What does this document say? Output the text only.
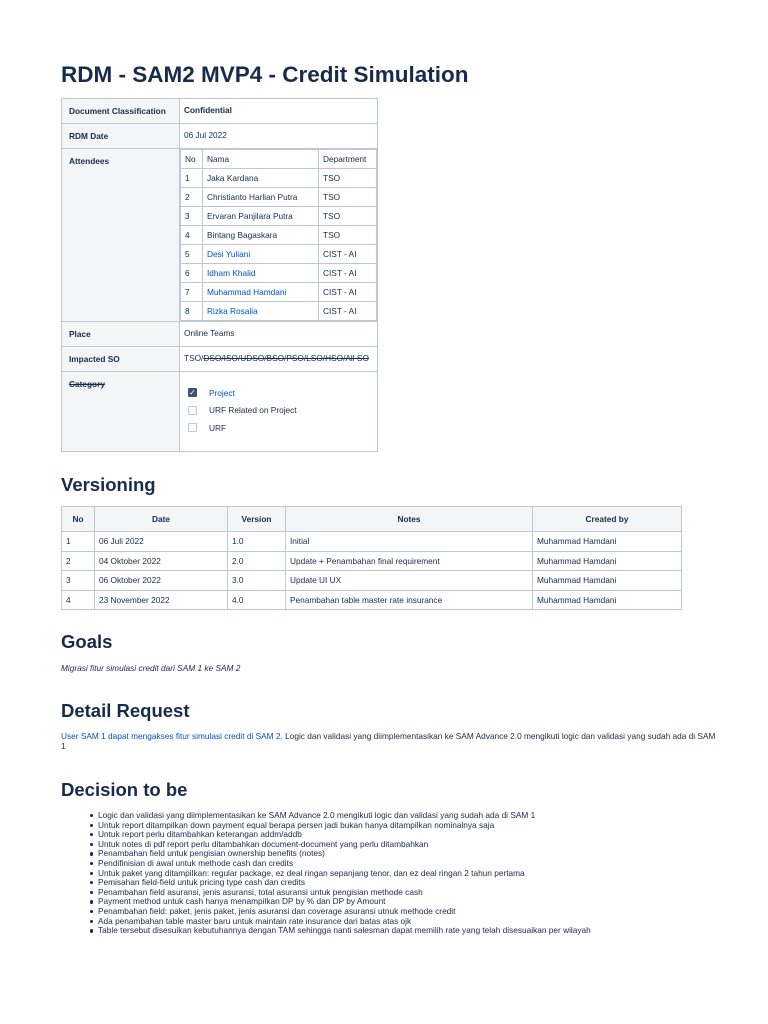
RDM - SAM2 MVP4 - Credit Simulation
Document Classification	Confidential
RDM Date	06 Jul 2022
Attendees		No	Nama	Department
1	Jaka Kardana	TSO
2	Christianto Harlian Putra	TSO
3	Ervaran Panjilara Putra	TSO
4	Bintang Bagaskara	TSO
5	Desi Yuliani	CIST - AI
6	Idham Khalid	CIST - AI
7	Muhammad Hamdani	CIST - AI
8	Rizka Rosalia	CIST - AI

Place	Online Teams
Impacted SO	TSO/DSO/ISO/UDSO/BSO/PSO/LSO/HSO/All SO
Category	
✓ Project
URF Related on Project
URF
Versioning
No	Date	Version	Notes	Created by
1	06 Juli 2022	1.0	Initial	Muhammad Hamdani
2	04 Oktober 2022	2.0	Update + Penambahan final requirement	Muhammad Hamdani
3	06 Oktober 2022	3.0	Update UI UX	Muhammad Hamdani
4	23 November 2022	4.0	Penambahan table master rate insurance	Muhammad Hamdani
Goals

Migrasi fitur simulasi credit dari SAM 1 ke SAM 2

Detail Request

User SAM 1 dapat mengakses fitur simulasi credit di SAM 2. Logic dan validasi yang diimplementasikan ke SAM Advance 2.0 mengikuti logic dan validasi yang sudah ada di SAM 1

Decision to be
Logic dan validasi yang diimplementasikan ke SAM Advance 2.0 mengikuti logic dan validasi yang sudah ada di SAM 1
Untuk report ditampilkan down payment equal berapa persen jadi bukan hanya ditampilkan nominalnya saja
Untuk report perlu ditambahkan keterangan addm/addb
Untuk notes di pdf report perlu ditambahkan document-document yang perlu ditambahkan
Penambahan field untuk pengisian ownership benefits (notes)
Pendifinisian di awal untuk methode cash dan credits
Untuk paket yang ditampilkan: regular package, ez deal ringan sepanjang tenor, dan ez deal ringan 2 tahun pertama
Pemisahan field-field untuk pricing type cash dan credits
Penambahan field asuransi, jenis asuransi, total asuransi untuk pengisian methode cash
Payment method untuk cash hanya menampilkan DP by % dan DP by Amount
Penambahan field: paket, jenis paket, jenis asuransi dan coverage asuransi utnuk methode credit
Ada penambahan table master baru untuk maintain rate insurance dari batas atas ojk
Table tersebut disesuikan kebutuhannya dengan TAM sehingga nanti salesman dapat memilih rate yang telah disesuaikan per wilayah
